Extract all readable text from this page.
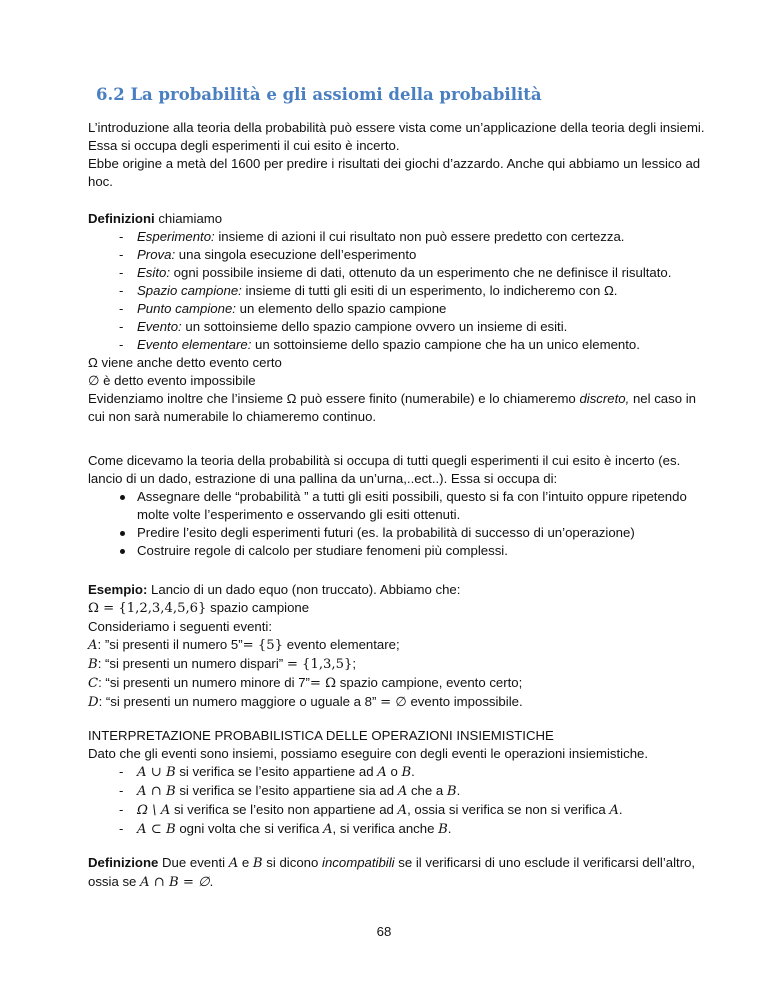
6.2 La probabilità e gli assiomi della probabilità
L’introduzione alla teoria della probabilità può essere vista come un’applicazione della teoria degli insiemi.
Essa si occupa degli esperimenti il cui esito è incerto.
Ebbe origine a metà del 1600 per predire i risultati dei giochi d’azzardo. Anche qui abbiamo un lessico ad hoc.
Definizioni chiamiamo
- Esperimento: insieme di azioni il cui risultato non può essere predetto con certezza.
- Prova: una singola esecuzione dell’esperimento
- Esito: ogni possibile insieme di dati, ottenuto da un esperimento che ne definisce il risultato.
- Spazio campione: insieme di tutti gli esiti di un esperimento, lo indicheremo con Ω.
- Punto campione: un elemento dello spazio campione
- Evento: un sottoinsieme dello spazio campione ovvero un insieme di esiti.
- Evento elementare: un sottoinsieme dello spazio campione che ha un unico elemento.
Ω viene anche detto evento certo
∅ è detto evento impossibile
Evidenziamo inoltre che l’insieme Ω può essere finito (numerabile) e lo chiameremo discreto, nel caso in cui non sarà numerabile lo chiameremo continuo.
Come dicevamo la teoria della probabilità si occupa di tutti quegli esperimenti il cui esito è incerto (es. lancio di un dado, estrazione di una pallina da un’urna,..ect..). Essa si occupa di:
Assegnare delle “probabilità ” a tutti gli esiti possibili, questo si fa con l’intuito oppure ripetendo molte volte l’esperimento e osservando gli esiti ottenuti.
Predire l’esito degli esperimenti futuri (es. la probabilità di successo di un’operazione)
Costruire regole di calcolo per studiare fenomeni più complessi.
Esempio: Lancio di un dado equo (non truccato). Abbiamo che:
Ω = {1,2,3,4,5,6} spazio campione
Consideriamo i seguenti eventi:
A: ”si presenti il numero 5”= {5} evento elementare;
B: “si presenti un numero dispari” = {1,3,5};
C: “si presenti un numero minore di 7”= Ω spazio campione, evento certo;
D: “si presenti un numero maggiore o uguale a 8” = ∅ evento impossibile.
INTERPRETAZIONE PROBABILISTICA DELLE OPERAZIONI INSIEMISTICHE
Dato che gli eventi sono insiemi, possiamo eseguire con degli eventi le operazioni insiemistiche.
- A ∪ B si verifica se l’esito appartiene ad A o B.
- A ∩ B si verifica se l’esito appartiene sia ad A che a B.
- Ω \ A si verifica se l’esito non appartiene ad A, ossia si verifica se non si verifica A.
- A ⊂ B ogni volta che si verifica A, si verifica anche B.
Definizione Due eventi A e B si dicono incompatibili se il verificarsi di uno esclude il verificarsi dell’altro,
ossia se A ∩ B = ∅.
68
